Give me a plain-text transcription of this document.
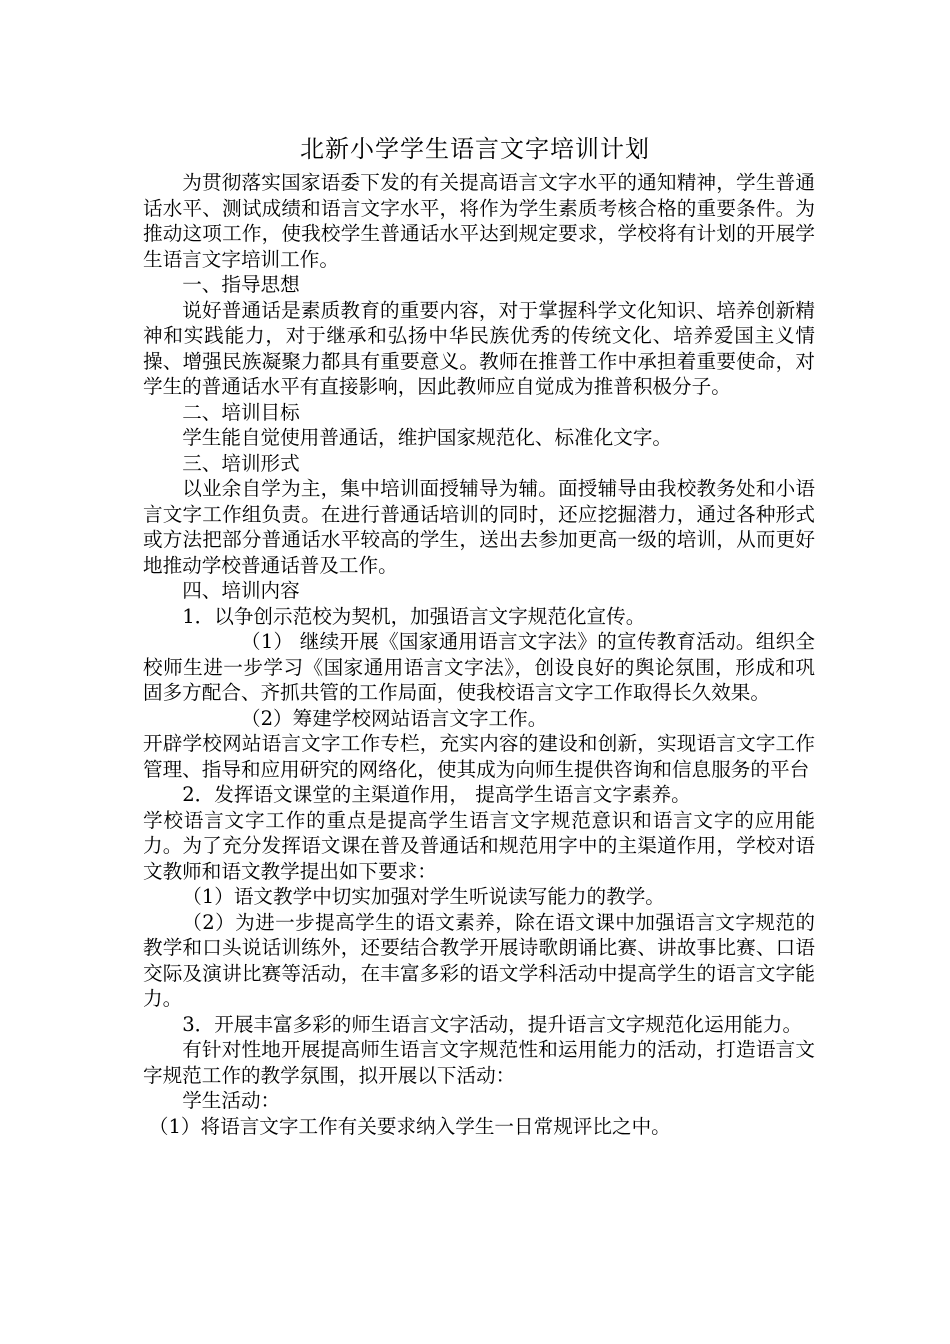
北新小学学生语言文字培训计划

为贯彻落实国家语委下发的有关提高语言文字水平的通知精神，学生普通话水平、测试成绩和语言文字水平，将作为学生素质考核合格的重要条件。为推动这项工作，使我校学生普通话水平达到规定要求，学校将有计划的开展学生语言文字培训工作。

一、指导思想

说好普通话是素质教育的重要内容，对于掌握科学文化知识、培养创新精神和实践能力，对于继承和弘扬中华民族优秀的传统文化、培养爱国主义情操、增强民族凝聚力都具有重要意义。教师在推普工作中承担着重要使命，对学生的普通话水平有直接影响，因此教师应自觉成为推普积极分子。

二、培训目标

学生能自觉使用普通话，维护国家规范化、标准化文字。

三、培训形式

以业余自学为主，集中培训面授辅导为辅。面授辅导由我校教务处和小语言文字工作组负责。在进行普通话培训的同时，还应挖掘潜力，通过各种形式或方法把部分普通话水平较高的学生，送出去参加更高一级的培训，从而更好地推动学校普通话普及工作。

四、培训内容

1．以争创示范校为契机，加强语言文字规范化宣传。

（1） 继续开展《国家通用语言文字法》的宣传教育活动。组织全校师生进一步学习《国家通用语言文字法》，创设良好的舆论氛围，形成和巩固多方配合、齐抓共管的工作局面，使我校语言文字工作取得长久效果。

（2）筹建学校网站语言文字工作。

开辟学校网站语言文字工作专栏，充实内容的建设和创新，实现语言文字工作管理、指导和应用研究的网络化，使其成为向师生提供咨询和信息服务的平台

2．发挥语文课堂的主渠道作用， 提高学生语言文字素养。

学校语言文字工作的重点是提高学生语言文字规范意识和语言文字的应用能力。为了充分发挥语文课在普及普通话和规范用字中的主渠道作用，学校对语文教师和语文教学提出如下要求：

（1）语文教学中切实加强对学生听说读写能力的教学。

（2）为进一步提高学生的语文素养，除在语文课中加强语言文字规范的教学和口头说话训练外，还要结合教学开展诗歌朗诵比赛、讲故事比赛、口语交际及演讲比赛等活动，在丰富多彩的语文学科活动中提高学生的语言文字能力。

3．开展丰富多彩的师生语言文字活动，提升语言文字规范化运用能力。

有针对性地开展提高师生语言文字规范性和运用能力的活动，打造语言文字规范工作的教学氛围，拟开展以下活动：

学生活动：

（1）将语言文字工作有关要求纳入学生一日常规评比之中。
